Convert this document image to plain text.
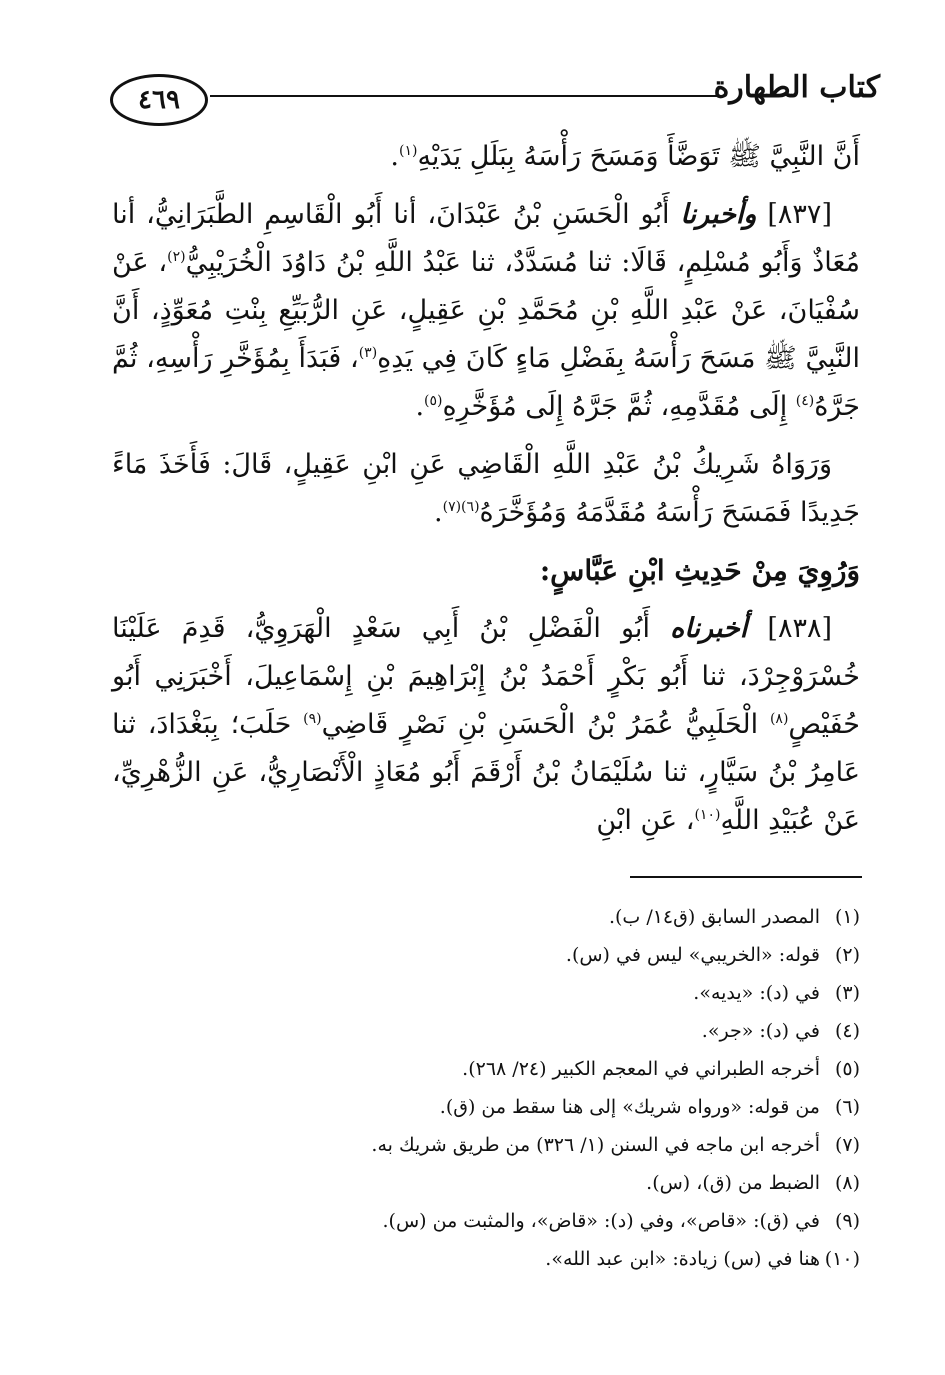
٤٦٩	كتاب الطهارة

أَنَّ النَّبِيَّ ﷺ تَوَضَّأَ وَمَسَحَ رَأْسَهُ بِبَلَلِ يَدَيْهِ$^{(١)}$.

[٨٣٧] وأخبرنا أَبُو الْحَسَنِ بْنُ عَبْدَانَ، أنا أَبُو الْقَاسِمِ الطَّبَرَانِيُّ، أنا مُعَاذٌ وَأَبُو مُسْلِمٍ، قَالَا: ثنا مُسَدَّدٌ، ثنا عَبْدُ اللَّهِ بْنُ دَاوُدَ الْخُرَيْبِيُّ$^{(٢)}$، عَنْ سُفْيَانَ، عَنْ عَبْدِ اللَّهِ بْنِ مُحَمَّدِ بْنِ عَقِيلٍ، عَنِ الرُّبَيِّعِ بِنْتِ مُعَوِّذٍ، أَنَّ النَّبِيَّ ﷺ مَسَحَ رَأْسَهُ بِفَضْلِ مَاءٍ كَانَ فِي يَدِهِ$^{(٣)}$، فَبَدَأَ بِمُؤَخَّرِ رَأْسِهِ، ثُمَّ جَرَّهُ$^{(٤)}$ إِلَى مُقَدَّمِهِ، ثُمَّ جَرَّهُ إِلَى مُؤَخَّرِهِ$^{(٥)}$.

وَرَوَاهُ شَرِيكُ بْنُ عَبْدِ اللَّهِ الْقَاضِي عَنِ ابْنِ عَقِيلٍ، قَالَ: فَأَخَذَ مَاءً جَدِيدًا فَمَسَحَ رَأْسَهُ مُقَدَّمَهُ وَمُؤَخَّرَهُ$^{(٦)(٧)}$.

وَرُوِيَ مِنْ حَدِيثِ ابْنِ عَبَّاسٍ:

[٨٣٨] أخبرناه أَبُو الْفَضْلِ بْنُ أَبِي سَعْدٍ الْهَرَوِيُّ، قَدِمَ عَلَيْنَا خُسْرَوْجِرْدَ، ثنا أَبُو بَكْرٍ أَحْمَدُ بْنُ إِبْرَاهِيمَ بْنِ إِسْمَاعِيلَ، أَخْبَرَنِي أَبُو حُفَيْصٍ$^{(٨)}$ الْحَلَبِيُّ عُمَرُ بْنُ الْحَسَنِ بْنِ نَصْرٍ قَاضِي$^{(٩)}$ حَلَبَ؛ بِبَغْدَادَ، ثنا عَامِرُ بْنُ سَيَّارٍ، ثنا سُلَيْمَانُ بْنُ أَرْقَمَ أَبُو مُعَاذٍ الْأَنْصَارِيُّ، عَنِ الزُّهْرِيِّ، عَنْ عُبَيْدِ اللَّهِ$^{(١٠)}$، عَنِ ابْنِ

(١)المصدر السابق (ق١٤/ ب).
(٢)قوله: «الخريبي» ليس في (س).
(٣)في (د): «يديه».
(٤)في (د): «جر».
(٥)أخرجه الطبراني في المعجم الكبير (٢٤/ ٢٦٨).
(٦)من قوله: «ورواه شريك» إلى هنا سقط من (ق).
(٧)أخرجه ابن ماجه في السنن (١/ ٣٢٦) من طريق شريك به.
(٨)الضبط من (ق)، (س).
(٩)في (ق): «قاص»، وفي (د): «قاض»، والمثبت من (س).
(١٠)هنا في (س) زيادة: «ابن عبد الله».
